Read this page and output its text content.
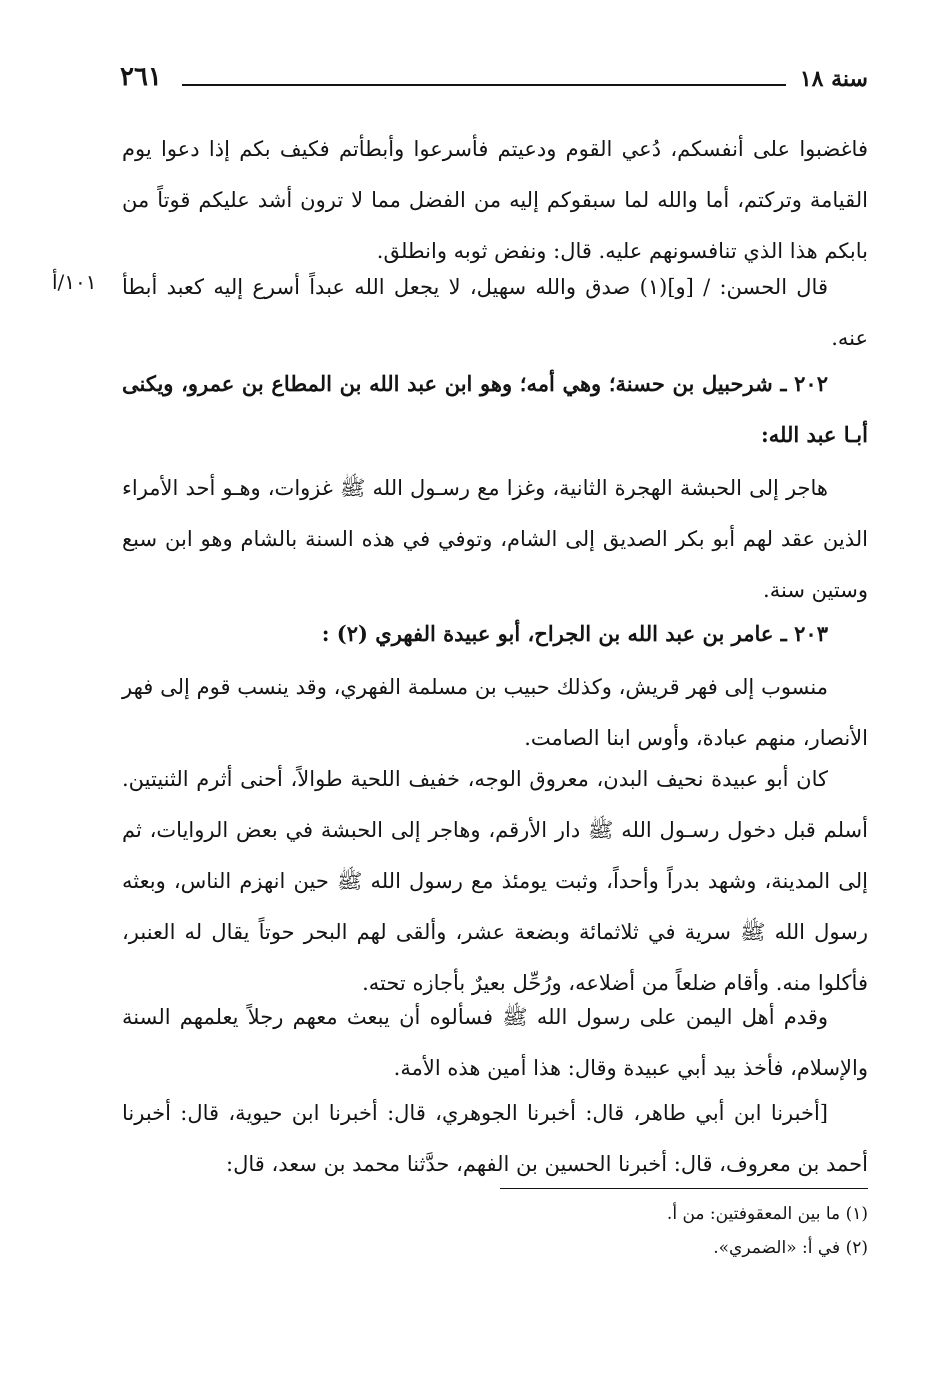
٢٦١	سنة ١٨

فاغضبوا على أنفسكم، دُعي القوم ودعيتم فأسرعوا وأبطأتم فكيف بكم إذا دعوا يوم القيامة وتركتم، أما والله لما سبقوكم إليه من الفضل مما لا ترون أشد عليكم قوتاً من بابكم هذا الذي تنافسونهم عليه. قال: ونفض ثوبه وانطلق.

قال الحسن: / [و](١) صدق والله سهيل، لا يجعل الله عبداً أسرع إليه كعبد أبطأ عنه.

٢٠٢ ـ شرحبيل بن حسنة؛ وهي أمه؛ وهو ابن عبد الله بن المطاع بن عمرو، ويكنى أبـا عبد الله:

هاجر إلى الحبشة الهجرة الثانية، وغزا مع رسـول الله ﷺ غزوات، وهـو أحد الأمراء الذين عقد لهم أبو بكر الصديق إلى الشام، وتوفي في هذه السنة بالشام وهو ابن سبع وستين سنة.

٢٠٣ ـ عامر بن عبد الله بن الجراح، أبو عبيدة الفهري (٢) :

منسوب إلى فهر قريش، وكذلك حبيب بن مسلمة الفهري، وقد ينسب قوم إلى فهر الأنصار، منهم عبادة، وأوس ابنا الصامت.

كان أبو عبيدة نحيف البدن، معروق الوجه، خفيف اللحية طوالاً، أحنى أثرم الثنيتين. أسلم قبل دخول رسـول الله ﷺ دار الأرقم، وهاجر إلى الحبشة في بعض الروايات، ثم إلى المدينة، وشهد بدراً وأحداً، وثبت يومئذ مع رسول الله ﷺ حين انهزم الناس، وبعثه رسول الله ﷺ سرية في ثلاثمائة وبضعة عشر، وألقى لهم البحر حوتاً يقال له العنبر، فأكلوا منه. وأقام ضلعاً من أضلاعه، ورُحِّل بعيرٌ بأجازه تحته.

وقدم أهل اليمن على رسول الله ﷺ فسألوه أن يبعث معهم رجلاً يعلمهم السنة والإسلام، فأخذ بيد أبي عبيدة وقال: هذا أمين هذه الأمة.

[أخبرنا ابن أبي طاهر، قال: أخبرنا الجوهري، قال: أخبرنا ابن حيوية، قال: أخبرنا أحمد بن معروف، قال: أخبرنا الحسين بن الفهم، حدَّثنا محمد بن سعد، قال:

١٠١/أ
(١) ما بين المعقوفتين: من أ.
(٢) في أ: «الضمري».
